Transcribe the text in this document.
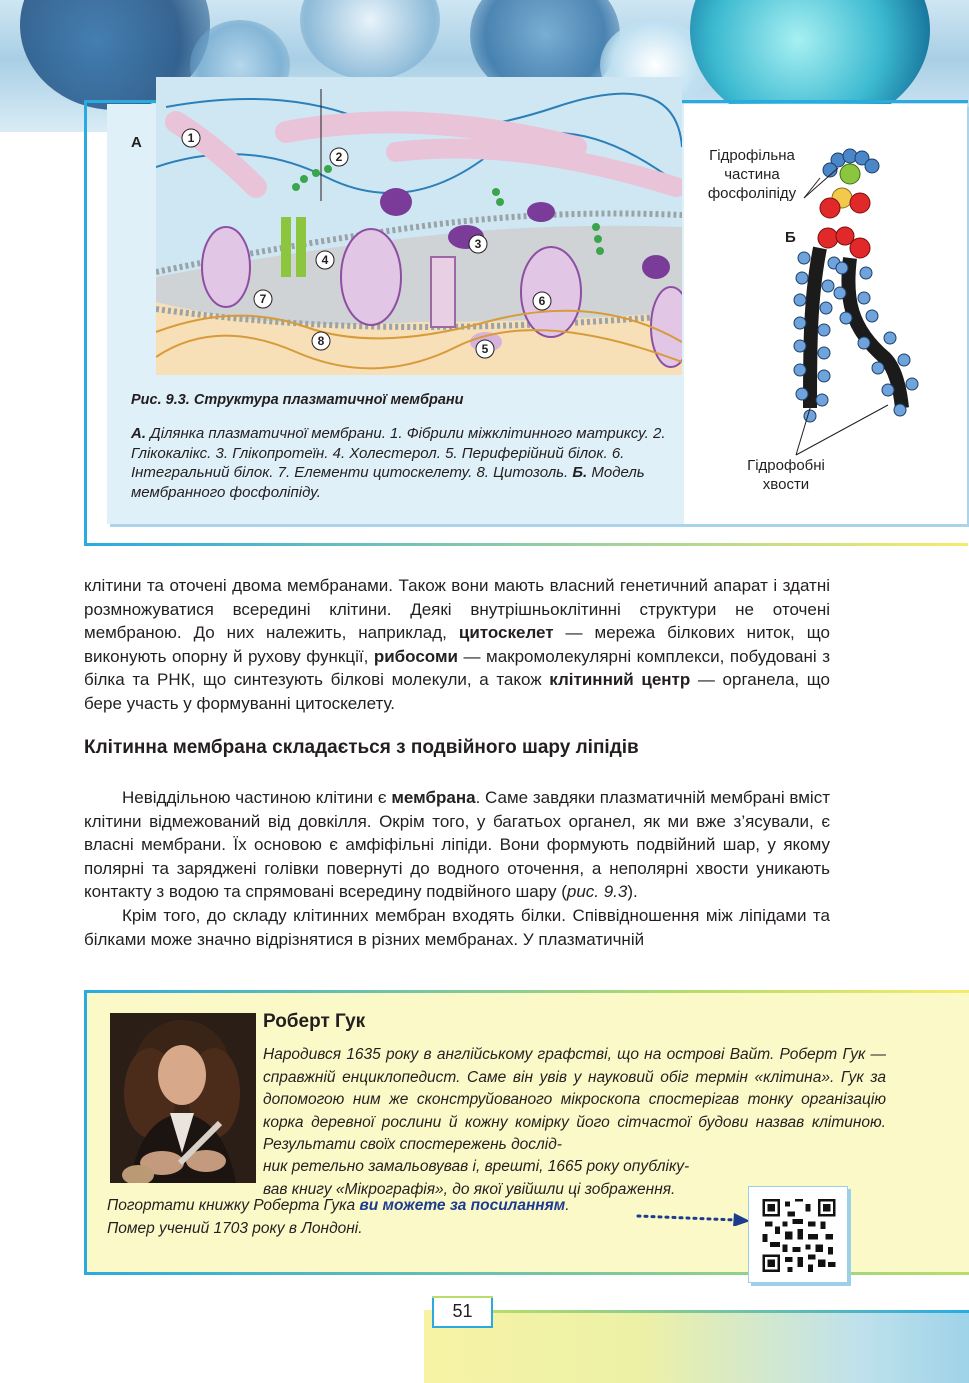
1
2
3
4
5
6
7
8
А
Б
Гідрофільна
частина
фосфоліпіду
Гідрофобні
хвости
Рис. 9.3. Структура плазматичної мембрани
А. Ділянка плазматичної мембрани. 1. Фібрили міжклітинного матриксу. 2. Глікокалікс. 3. Глікопротеїн. 4. Холестерол. 5. Периферійний білок. 6. Інтегральний білок. 7. Елементи цитоскелету. 8. Цитозоль. Б. Модель мембранного фосфоліпіду.

клітини та оточені двома мембранами. Також вони мають власний генетичний апарат і здатні розмножуватися всередині клітини. Деякі внутрішньоклітинні структури не оточені мембраною. До них належить, наприклад, цитоскелет — мережа білкових ниток, що виконують опорну й рухову функції, рибосоми — макромолекулярні комплекси, побудовані з білка та РНК, що синтезують білкові молекули, а також клітинний центр — органела, що бере участь у формуванні цитоскелету.

Клітинна мембрана складається з подвійного шару ліпідів

Невіддільною частиною клітини є мембрана. Саме завдяки плазматичній мембрані вміст клітини відмежований від довкілля. Окрім того, у багатьох органел, як ми вже з’ясували, є власні мембрани. Їх основою є амфіфільні ліпіди. Вони формують подвійний шар, у якому полярні та заряджені голівки повернуті до водного оточення, а неполярні хвости уникають контакту з водою та спрямовані всередину подвійного шару (рис. 9.3).

Крім того, до складу клітинних мембран входять білки. Співвідношення між ліпідами та білками може значно відрізнятися в різних мембранах. У плазматичній

Роберт Гук
Народився 1635 року в англійському графстві, що на острові Вайт. Роберт Гук — справжній енциклопедист. Саме він увів у науковий обіг термін «клітина». Гук за допомогою ним же сконструйованого мікроскопа спостерігав тонку організацію корка деревної рослини й кожну комірку його сітчастої будови назвав клітиною. Результати своїх спостережень дослід-
ник ретельно замальовував і, врешті, 1665 року опубліку-
вав книгу «Мікрографія», до якої увійшли ці зображення.
Погортати книжку Роберта Гука ви можете за посиланням.
Помер учений 1703 року в Лондоні.
51
